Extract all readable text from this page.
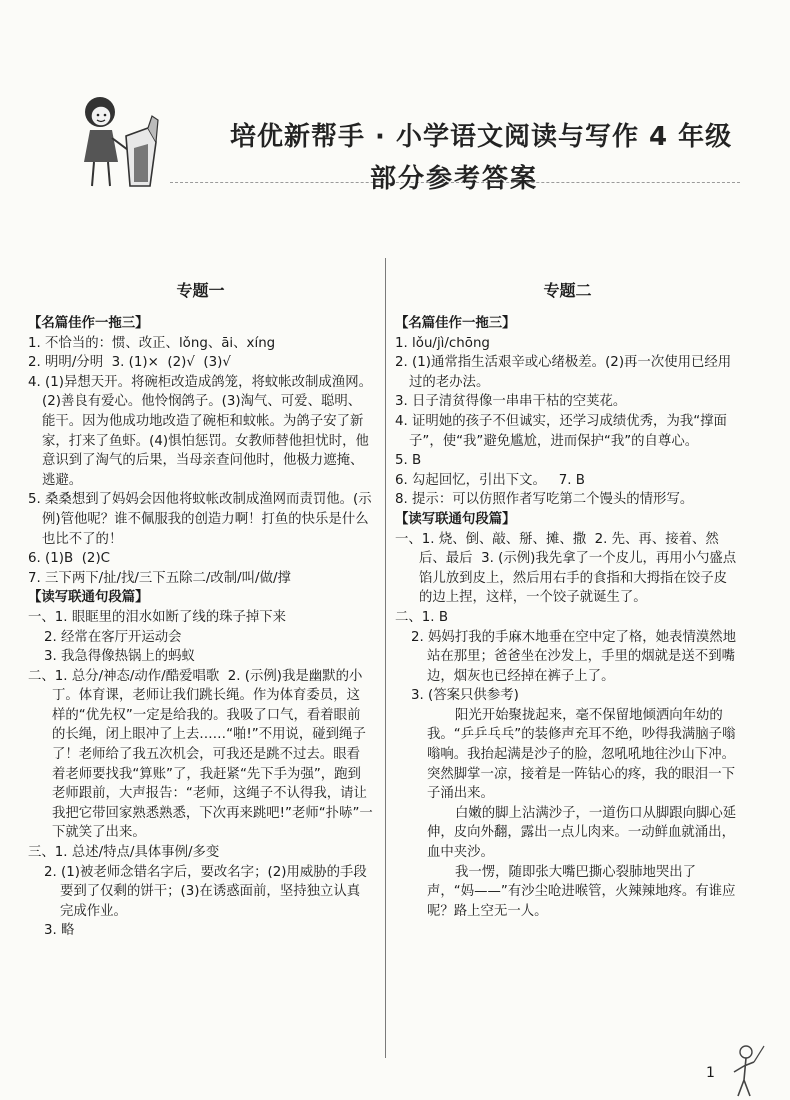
培优新帮手 · 小学语文阅读与写作 4 年级
部分参考答案
专题一
【名篇佳作一拖三】
1. 不恰当的：惯、改正、lǒng、āi、xíng
2. 明明/分明  3. (1)×  (2)√  (3)√
4. (1)异想天开。将碗柜改造成鸽笼，将蚊帐改制成渔网。  (2)善良有爱心。他怜悯鸽子。(3)淘气、可爱、聪明、能干。因为他成功地改造了碗柜和蚊帐。为鸽子安了新家，打来了鱼虾。(4)惧怕惩罚。女教师替他担忧时，他意识到了淘气的后果，当母亲查问他时，他极力遮掩、逃避。
5. 桑桑想到了妈妈会因他将蚊帐改制成渔网而责罚他。(示例)管他呢？谁不佩服我的创造力啊！打鱼的快乐是什么也比不了的！
6. (1)B  (2)C
7. 三下两下/扯/找/三下五除二/改制/叫/做/撑
【读写联通句段篇】
一、1. 眼眶里的泪水如断了线的珠子掉下来
2. 经常在客厅开运动会
3. 我急得像热锅上的蚂蚁
二、1. 总分/神态/动作/酷爱唱歌  2. (示例)我是幽默的小丁。体育课，老师让我们跳长绳。作为体育委员，这样的“优先权”一定是给我的。我吸了口气，看着眼前的长绳，闭上眼冲了上去……“啪!”不用说，碰到绳子了！老师给了我五次机会，可我还是跳不过去。眼看着老师要找我“算账”了，我赶紧“先下手为强”，跑到老师跟前，大声报告：“老师，这绳子不认得我，请让我把它带回家熟悉熟悉，下次再来跳吧!”老师“扑哧”一下就笑了出来。
三、1. 总述/特点/具体事例/多变
2. (1)被老师念错名字后，要改名字；(2)用威胁的手段要到了仅剩的饼干；(3)在诱惑面前，坚持独立认真完成作业。
3. 略
专题二
【名篇佳作一拖三】
1. lǒu/jì/chōng
2. (1)通常指生活艰辛或心绪极差。(2)再一次使用已经用过的老办法。
3. 日子清贫得像一串串干枯的空荚花。
4. 证明她的孩子不但诚实，还学习成绩优秀，为我“撑面子”，使“我”避免尴尬，进而保护“我”的自尊心。
5. B
6. 勾起回忆，引出下文。   7. B
8. 提示：可以仿照作者写吃第二个馒头的情形写。
【读写联通句段篇】
一、1. 烧、倒、敲、掰、摊、撒  2. 先、再、接着、然后、最后  3. (示例)我先拿了一个皮儿，再用小勺盛点馅儿放到皮上，然后用右手的食指和大拇指在饺子皮的边上捏，这样，一个饺子就诞生了。
二、1. B
2. 妈妈打我的手麻木地垂在空中定了格，她表情漠然地站在那里；爸爸坐在沙发上，手里的烟就是送不到嘴边，烟灰也已经掉在裤子上了。
3. (答案只供参考)
阳光开始聚拢起来，毫不保留地倾洒向年幼的我。“乒乒乓乓”的装修声充耳不绝，吵得我满脑子嗡嗡响。我抬起满是沙子的脸，忽吼吼地往沙山下冲。突然脚掌一凉，接着是一阵钻心的疼，我的眼泪一下子涌出来。
白嫩的脚上沾满沙子，一道伤口从脚跟向脚心延伸，皮向外翻，露出一点儿肉来。一动鲜血就涌出，血中夹沙。
我一愣，随即张大嘴巴撕心裂肺地哭出了声，“妈——”有沙尘呛进喉管，火辣辣地疼。有谁应呢？路上空无一人。
1
